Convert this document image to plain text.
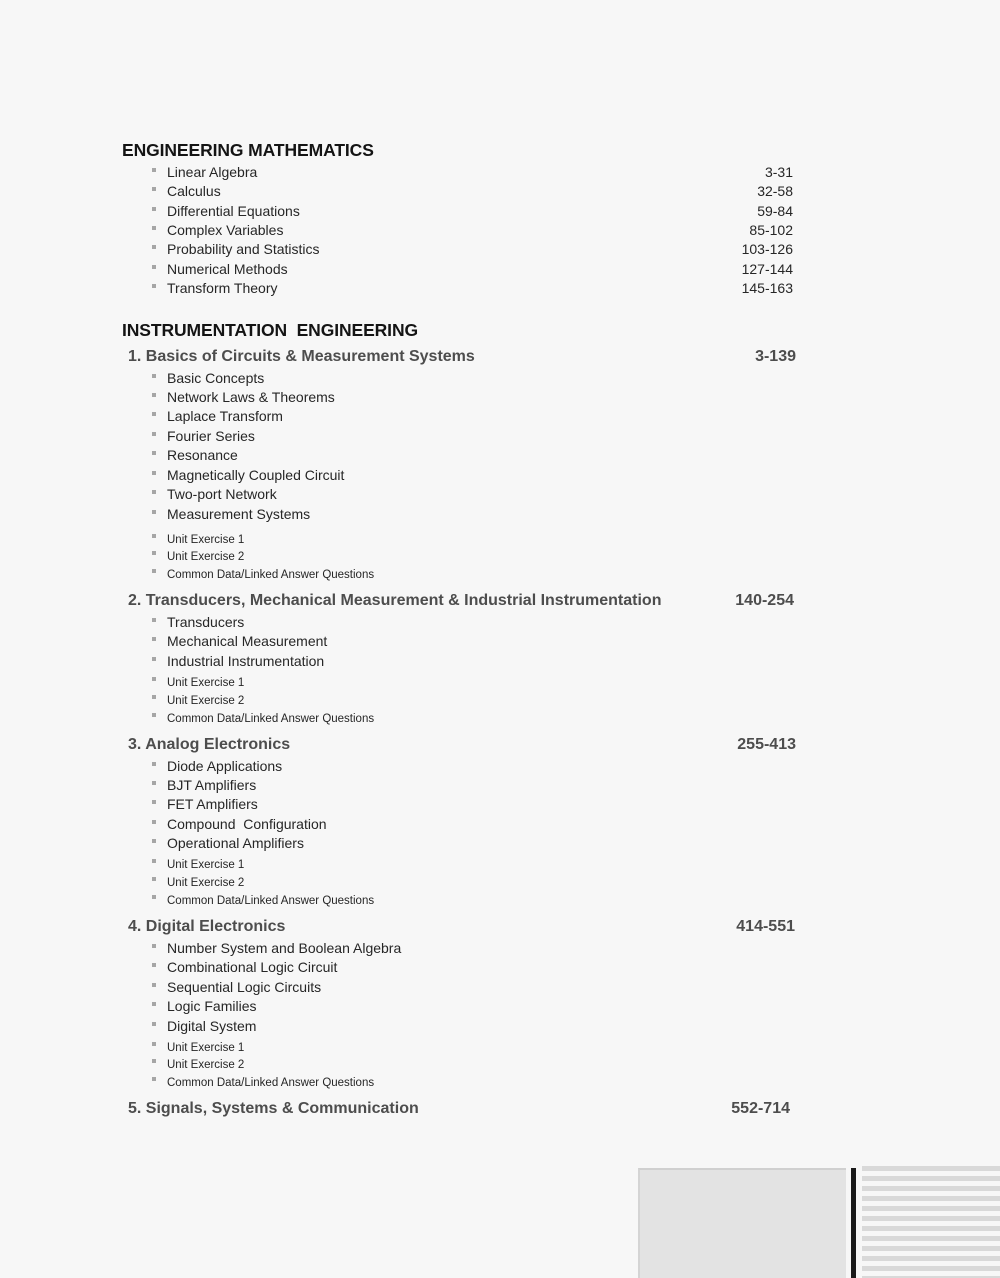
ENGINEERING MATHEMATICS
Linear Algebra	3-31
Calculus	32-58
Differential Equations	59-84
Complex Variables	85-102
Probability and Statistics	103-126
Numerical Methods	127-144
Transform Theory	145-163
INSTRUMENTATION  ENGINEERING
1. Basics of Circuits & Measurement Systems	3-139
Basic Concepts
Network Laws & Theorems
Laplace Transform
Fourier Series
Resonance
Magnetically Coupled Circuit
Two-port Network
Measurement Systems
Unit Exercise 1
Unit Exercise 2
Common Data/Linked Answer Questions
2. Transducers, Mechanical Measurement & Industrial Instrumentation	140-254
Transducers
Mechanical Measurement
Industrial Instrumentation
Unit Exercise 1
Unit Exercise 2
Common Data/Linked Answer Questions
3. Analog Electronics	255-413
Diode Applications
BJT Amplifiers
FET Amplifiers
Compound  Configuration
Operational Amplifiers
Unit Exercise 1
Unit Exercise 2
Common Data/Linked Answer Questions
4. Digital Electronics	414-551
Number System and Boolean Algebra
Combinational Logic Circuit
Sequential Logic Circuits
Logic Families
Digital System
Unit Exercise 1
Unit Exercise 2
Common Data/Linked Answer Questions
5. Signals, Systems & Communication	552-714
